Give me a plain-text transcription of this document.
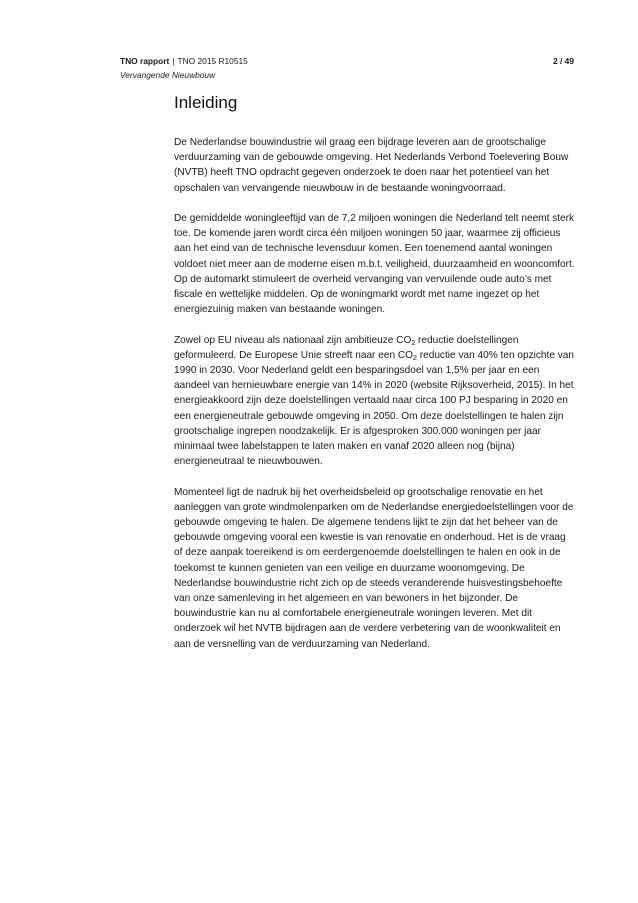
TNO rapport | TNO 2015 R10515	2 / 49
Vervangende Nieuwbouw
Inleiding

De Nederlandse bouwindustrie wil graag een bijdrage leveren aan de grootschalige verduurzaming van de gebouwde omgeving. Het Nederlands Verbond Toelevering Bouw (NVTB) heeft TNO opdracht gegeven onderzoek te doen naar het potentieel van het opschalen van vervangende nieuwbouw in de bestaande woningvoorraad.

De gemiddelde woningleeftijd van de 7,2 miljoen woningen die Nederland telt neemt sterk toe. De komende jaren wordt circa één miljoen woningen 50 jaar, waarmee zij officieus aan het eind van de technische levensduur komen. Een toenemend aantal woningen voldoet niet meer aan de moderne eisen m.b.t. veiligheid, duurzaamheid en wooncomfort. Op de automarkt stimuleert de overheid vervanging van vervuilende oude auto’s met fiscale en wettelijke middelen. Op de woningmarkt wordt met name ingezet op het energiezuinig maken van bestaande woningen.

Zowel op EU niveau als nationaal zijn ambitieuze $CO_2$ reductie doelstellingen geformuleerd. De Europese Unie streeft naar een $CO_2$ reductie van 40% ten opzichte van 1990 in 2030. Voor Nederland geldt een besparingsdoel van 1,5% per jaar en een aandeel van hernieuwbare energie van 14% in 2020 (website Rijksoverheid, 2015). In het energieakkoord zijn deze doelstellingen vertaald naar circa 100 PJ besparing in 2020 en een energieneutrale gebouwde omgeving in 2050. Om deze doelstellingen te halen zijn grootschalige ingrepen noodzakelijk. Er is afgesproken 300.000 woningen per jaar minimaal twee labelstappen te laten maken en vanaf 2020 alleen nog (bijna) energieneutraal te nieuwbouwen.

Momenteel ligt de nadruk bij het overheidsbeleid op grootschalige renovatie en het aanleggen van grote windmolenparken om de Nederlandse energiedoelstellingen voor de gebouwde omgeving te halen. De algemene tendens lijkt te zijn dat het beheer van de gebouwde omgeving vooral een kwestie is van renovatie en onderhoud. Het is de vraag of deze aanpak toereikend is om eerdergenoemde doelstellingen te halen en ook in de toekomst te kunnen genieten van een veilige en duurzame woonomgeving. De Nederlandse bouwindustrie richt zich op de steeds veranderende huisvestingsbehoefte van onze samenleving in het algemeen en van bewoners in het bijzonder. De bouwindustrie kan nu al comfortabele energieneutrale woningen leveren. Met dit onderzoek wil het NVTB bijdragen aan de verdere verbetering van de woonkwaliteit en aan de versnelling van de verduurzaming van Nederland.
